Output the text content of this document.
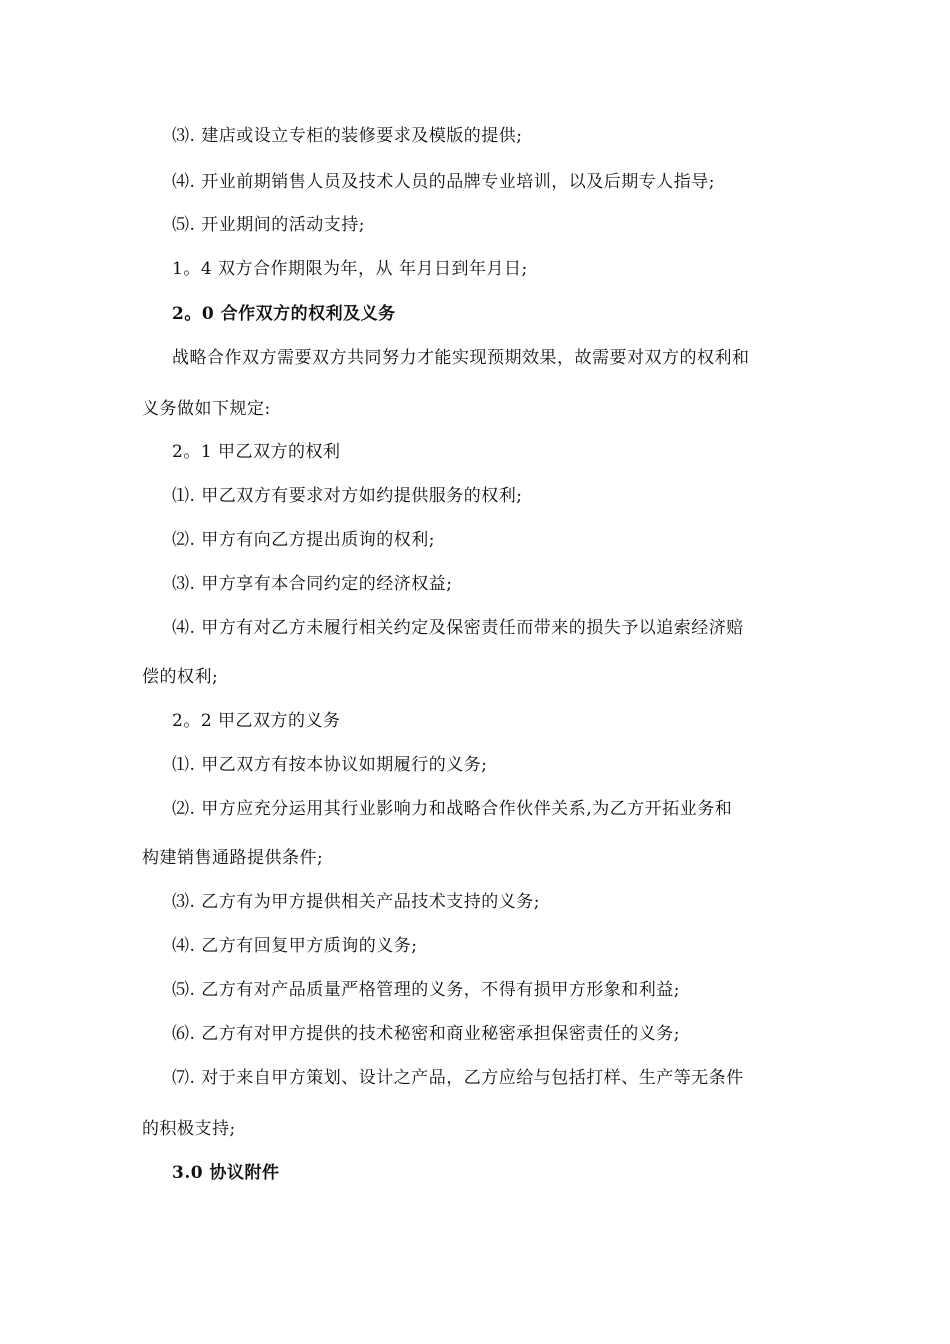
⑶. 建店或设立专柜的装修要求及模版的提供;
⑷. 开业前期销售人员及技术人员的品牌专业培训，以及后期专人指导;
⑸. 开业期间的活动支持;
1。4 双方合作期限为年，从 年月日到年月日;
2。0 合作双方的权利及义务
战略合作双方需要双方共同努力才能实现预期效果，故需要对双方的权利和
义务做如下规定:
2。1 甲乙双方的权利
⑴. 甲乙双方有要求对方如约提供服务的权利;
⑵. 甲方有向乙方提出质询的权利;
⑶. 甲方享有本合同约定的经济权益;
⑷. 甲方有对乙方未履行相关约定及保密责任而带来的损失予以追索经济赔
偿的权利;
2。2 甲乙双方的义务
⑴. 甲乙双方有按本协议如期履行的义务;
⑵. 甲方应充分运用其行业影响力和战略合作伙伴关系,为乙方开拓业务和
构建销售通路提供条件;
⑶. 乙方有为甲方提供相关产品技术支持的义务;
⑷. 乙方有回复甲方质询的义务;
⑸. 乙方有对产品质量严格管理的义务，不得有损甲方形象和利益;
⑹. 乙方有对甲方提供的技术秘密和商业秘密承担保密责任的义务;
⑺. 对于来自甲方策划、设计之产品，乙方应给与包括打样、生产等无条件
的积极支持;
3.0 协议附件
